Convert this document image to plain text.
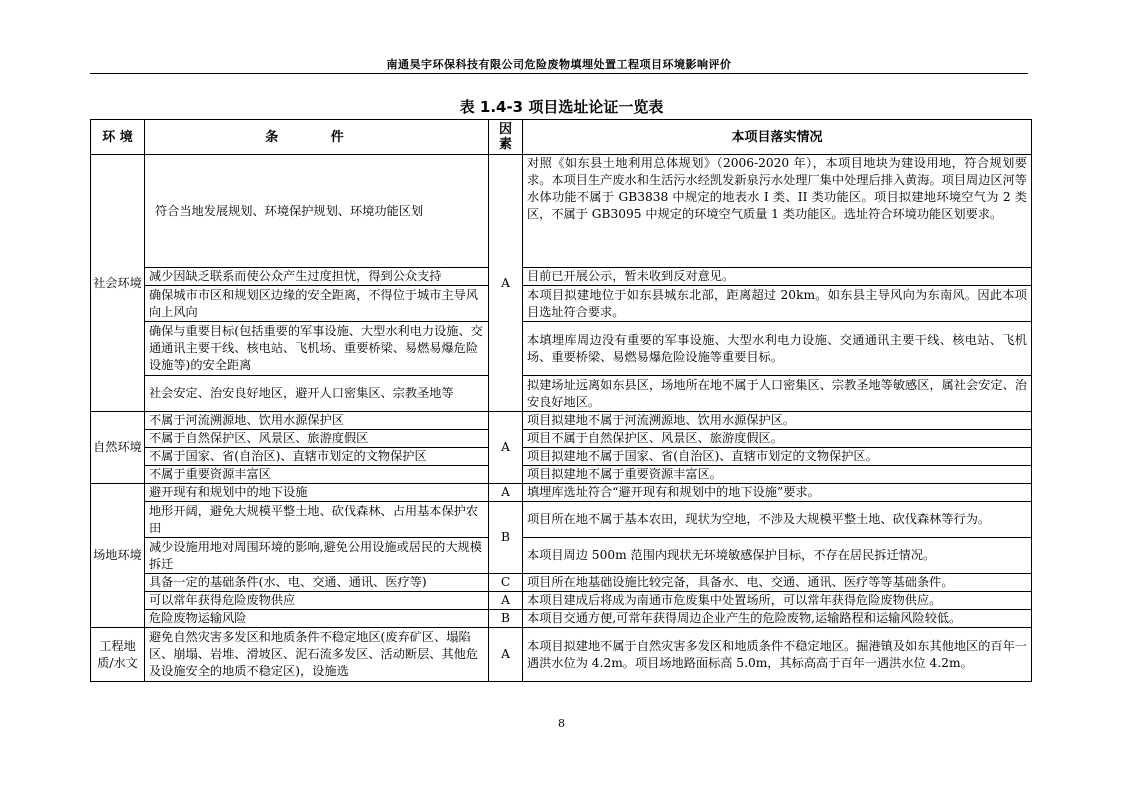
南通昊宇环保科技有限公司危险废物填埋处置工程项目环境影响评价
表 1.4-3 项目选址论证一览表
环 境	条 件	因素	本项目落实情况
社会环境	符合当地发展规划、环境保护规划、环境功能区划	A	对照《如东县土地利用总体规划》（2006-2020 年），本项目地块为建设用地，符合规划要求。本项目生产废水和生活污水经凯发新泉污水处理厂集中处理后排入黄海。项目周边区河等水体功能不属于 GB3838 中规定的地表水 I 类、II 类功能区。项目拟建地环境空气为 2 类区，不属于 GB3095 中规定的环境空气质量 1 类功能区。选址符合环境功能区划要求。

	减少因缺乏联系而使公众产生过度担忧，得到公众支持		目前已开展公示，暂未收到反对意见。
	确保城市市区和规划区边缘的安全距离，不得位于城市主导风向上风向		本项目拟建地位于如东县城东北部，距离超过 20km。如东县主导风向为东南风。因此本项目选址符合要求。
	确保与重要目标(包括重要的军事设施、大型水利电力设施、交通通讯主要干线、核电站、飞机场、重要桥梁、易燃易爆危险设施等)的安全距离		本填埋库周边没有重要的军事设施、大型水利电力设施、交通通讯主要干线、核电站、飞机场、重要桥梁、易燃易爆危险设施等重要目标。
	社会安定、治安良好地区，避开人口密集区、宗教圣地等		拟建场址远离如东县区，场地所在地不属于人口密集区、宗教圣地等敏感区，属社会安定、治安良好地区。
自然环境	不属于河流溯源地、饮用水源保护区	A	项目拟建地不属于河流溯源地、饮用水源保护区。
	不属于自然保护区、风景区、旅游度假区		项目不属于自然保护区、风景区、旅游度假区。
	不属于国家、省(自治区)、直辖市划定的文物保护区		项目拟建地不属于国家、省(自治区)、直辖市划定的文物保护区。
	不属于重要资源丰富区		项目拟建地不属于重要资源丰富区。
场地环境	避开现有和规划中的地下设施	A	填埋库选址符合“避开现有和规划中的地下设施”要求。
	地形开阔，避免大规模平整土地、砍伐森林、占用基本保护农田	B	项目所在地不属于基本农田，现状为空地，不涉及大规模平整土地、砍伐森林等行为。
	减少设施用地对周围环境的影响,避免公用设施或居民的大规模拆迁		本项目周边 500m 范围内现状无环境敏感保护目标，不存在居民拆迁情况。
	具备一定的基础条件(水、电、交通、通讯、医疗等)	C	项目所在地基础设施比较完备，具备水、电、交通、通讯、医疗等等基础条件。
	可以常年获得危险废物供应	A	本项目建成后将成为南通市危废集中处置场所，可以常年获得危险废物供应。
	危险废物运输风险	B	本项目交通方便,可常年获得周边企业产生的危险废物,运输路程和运输风险较低。
工程地质/水文	避免自然灾害多发区和地质条件不稳定地区(废弃矿区、塌陷区、崩塌、岩堆、滑坡区、泥石流多发区、活动断层、其他危及设施安全的地质不稳定区)，设施选	A	本项目拟建地不属于自然灾害多发区和地质条件不稳定地区。掘港镇及如东其他地区的百年一遇洪水位为 4.2m。项目场地路面标高 5.0m，其标高高于百年一遇洪水位 4.2m。
8
